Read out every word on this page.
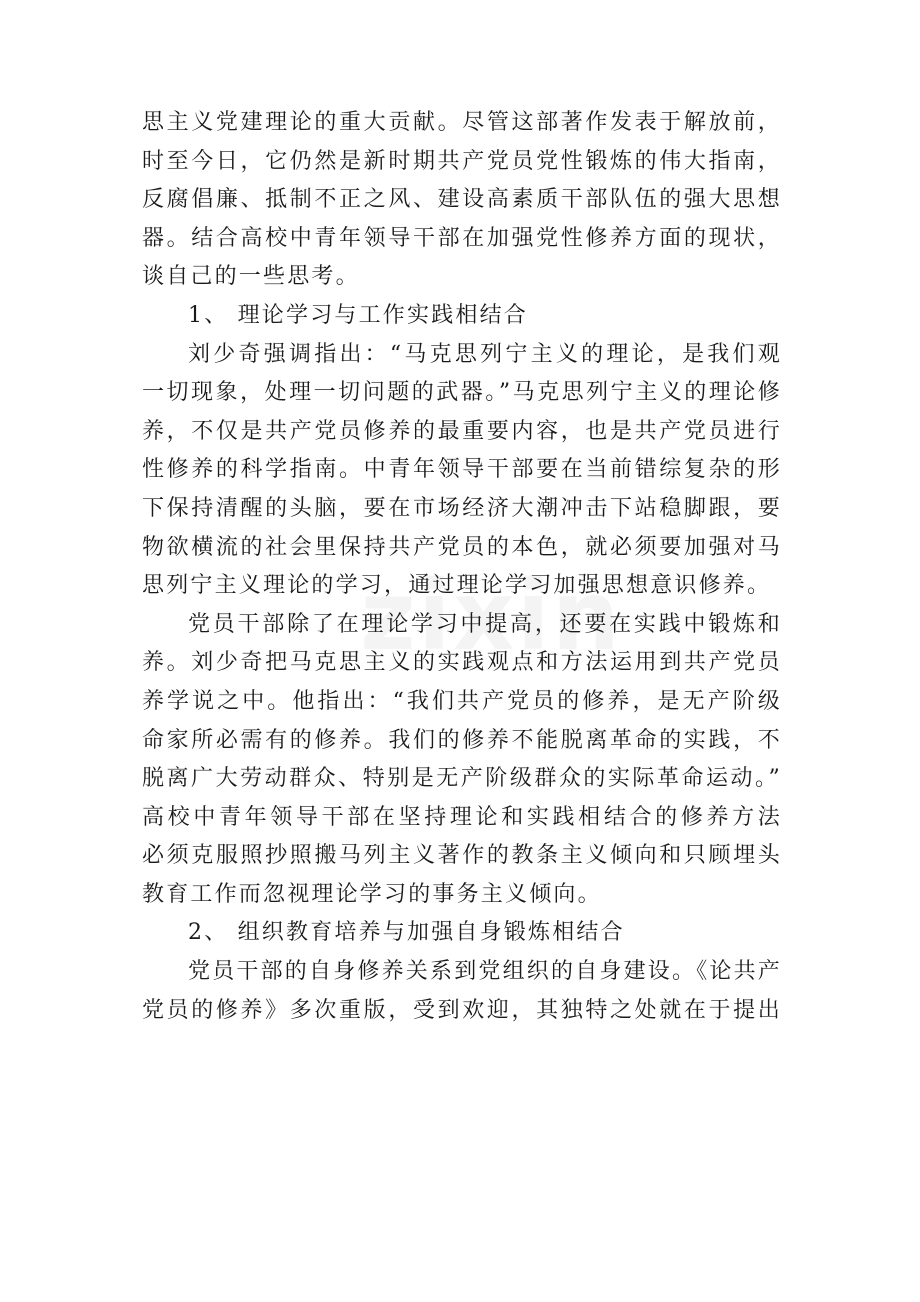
思主义党建理论的重大贡献。尽管这部著作发表于解放前，
时至今日，它仍然是新时期共产党员党性锻炼的伟大指南，
反腐倡廉、抵制不正之风、建设高素质干部队伍的强大思想
器。结合高校中青年领导干部在加强党性修养方面的现状，
谈自己的一些思考。
1、 理论学习与工作实践相结合
刘少奇强调指出：“马克思列宁主义的理论，是我们观
一切现象，处理一切问题的武器。”马克思列宁主义的理论修
养，不仅是共产党员修养的最重要内容，也是共产党员进行
性修养的科学指南。中青年领导干部要在当前错综复杂的形
下保持清醒的头脑，要在市场经济大潮冲击下站稳脚跟，要
物欲横流的社会里保持共产党员的本色，就必须要加强对马
思列宁主义理论的学习，通过理论学习加强思想意识修养。
党员干部除了在理论学习中提高，还要在实践中锻炼和
养。刘少奇把马克思主义的实践观点和方法运用到共产党员
养学说之中。他指出：“我们共产党员的修养，是无产阶级
命家所必需有的修养。我们的修养不能脱离革命的实践，不
脱离广大劳动群众、特别是无产阶级群众的实际革命运动。”
高校中青年领导干部在坚持理论和实践相结合的修养方法
必须克服照抄照搬马列主义著作的教条主义倾向和只顾埋头
教育工作而忽视理论学习的事务主义倾向。
2、 组织教育培养与加强自身锻炼相结合
党员干部的自身修养关系到党组织的自身建设。《论共产
党员的修养》多次重版，受到欢迎，其独特之处就在于提出
